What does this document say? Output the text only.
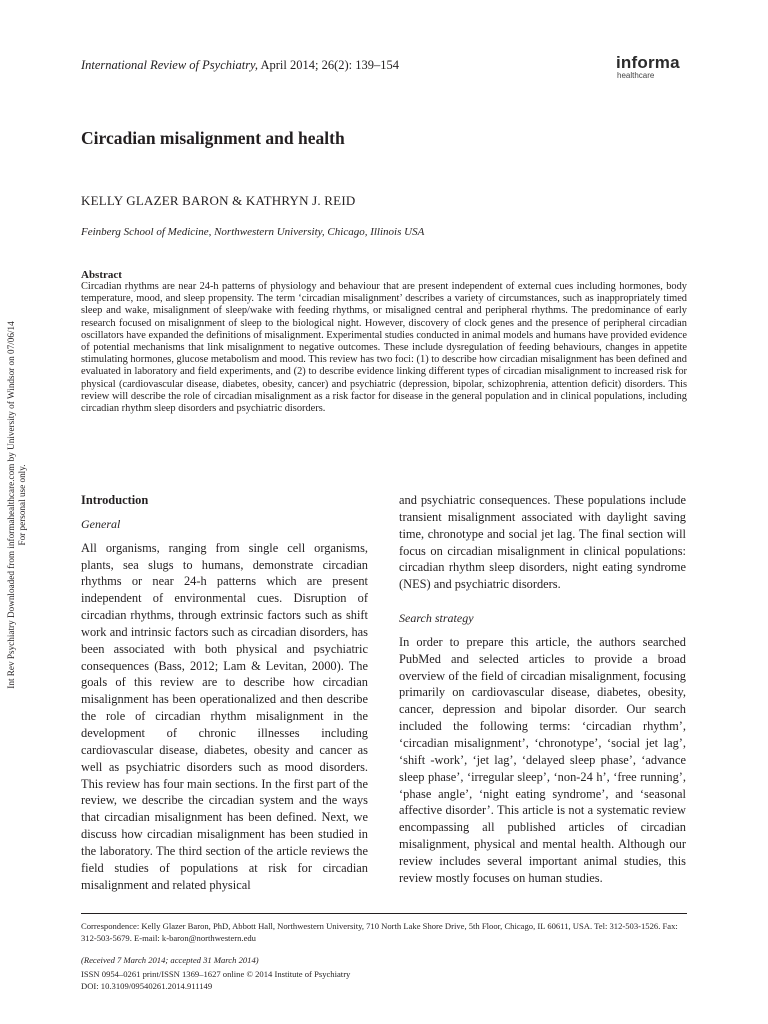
International Review of Psychiatry, April 2014; 26(2): 139–154	informa
healthcare
Circadian misalignment and health
KELLY GLAZER BARON & KATHRYN J. REID
Feinberg School of Medicine, Northwestern University, Chicago, Illinois USA
Abstract
Circadian rhythms are near 24-h patterns of physiology and behaviour that are present independent of external cues including hormones, body temperature, mood, and sleep propensity. The term ‘circadian misalignment’ describes a variety of circumstances, such as inappropriately timed sleep and wake, misalignment of sleep/wake with feeding rhythms, or misaligned central and peripheral rhythms. The predominance of early research focused on misalignment of sleep to the biological night. However, discovery of clock genes and the presence of peripheral circadian oscillators have expanded the definitions of misalignment. Experimental studies conducted in animal models and humans have provided evidence of potential mechanisms that link misalignment to negative outcomes. These include dysregulation of feeding behaviours, changes in appetite stimulating hormones, glucose metabolism and mood. This review has two foci: (1) to describe how circadian misalignment has been defined and evaluated in laboratory and field experiments, and (2) to describe evidence linking different types of circadian misalignment to increased risk for physical (cardiovascular disease, diabetes, obesity, cancer) and psychiatric (depression, bipolar, schizophrenia, attention deficit) disorders. This review will describe the role of circadian misalignment as a risk factor for disease in the general population and in clinical populations, including circadian rhythm sleep disorders and psychiatric disorders.
Int Rev Psychiatry Downloaded from informahealthcare.com by University of Windsor on 07/06/14 For personal use only.	Introduction
General

All organisms, ranging from single cell organisms, plants, sea slugs to humans, demonstrate circadian rhythms or near 24-h patterns which are present independent of environmental cues. Disruption of circadian rhythms, through extrinsic factors such as shift work and intrinsic factors such as circadian disorders, has been associated with both physical and psychiatric consequences (Bass, 2012; Lam & Levitan, 2000). The goals of this review are to describe how circadian misalignment has been operationalized and then describe the role of circadian rhythm misalignment in the development of chronic illnesses including cardiovascular disease, diabetes, obesity and cancer as well as psychiatric disorders such as mood disorders. This review has four main sections. In the first part of the review, we describe the circadian system and the ways that circadian misalignment has been defined. Next, we discuss how circadian misalignment has been studied in the laboratory. The third section of the article reviews the field studies of populations at risk for circadian misalignment and related physical

and psychiatric consequences. These populations include transient misalignment associated with daylight saving time, chronotype and social jet lag. The final section will focus on circadian misalignment in clinical populations: circadian rhythm sleep disorders, night eating syndrome (NES) and psychiatric disorders.

Search strategy

In order to prepare this article, the authors searched PubMed and selected articles to provide a broad overview of the field of circadian misalignment, focusing primarily on cardiovascular disease, diabetes, obesity, cancer, depression and bipolar disorder. Our search included the following terms: ‘circadian rhythm’, ‘circadian misalignment’, ‘chronotype’, ‘social jet lag’, ‘shift -work’, ‘jet lag’, ‘delayed sleep phase’, ‘advance sleep phase’, ‘irregular sleep’, ‘non-24 h’, ‘free running’, ‘phase angle’, ‘night eating syndrome’, and ‘seasonal affective disorder’. This article is not a systematic review encompassing all published articles of circadian misalignment, physical and mental health. Although our review includes several important animal studies, this review mostly focuses on human studies.

Correspondence: Kelly Glazer Baron, PhD, Abbott Hall, Northwestern University, 710 North Lake Shore Drive, 5th Floor, Chicago, IL 60611, USA. Tel: 312-503-1526. Fax: 312-503-5679. E-mail: k-baron@northwestern.edu
(Received 7 March 2014; accepted 31 March 2014)
ISSN 0954–0261 print/ISSN 1369–1627 online © 2014 Institute of Psychiatry
DOI: 10.3109/09540261.2014.911149
